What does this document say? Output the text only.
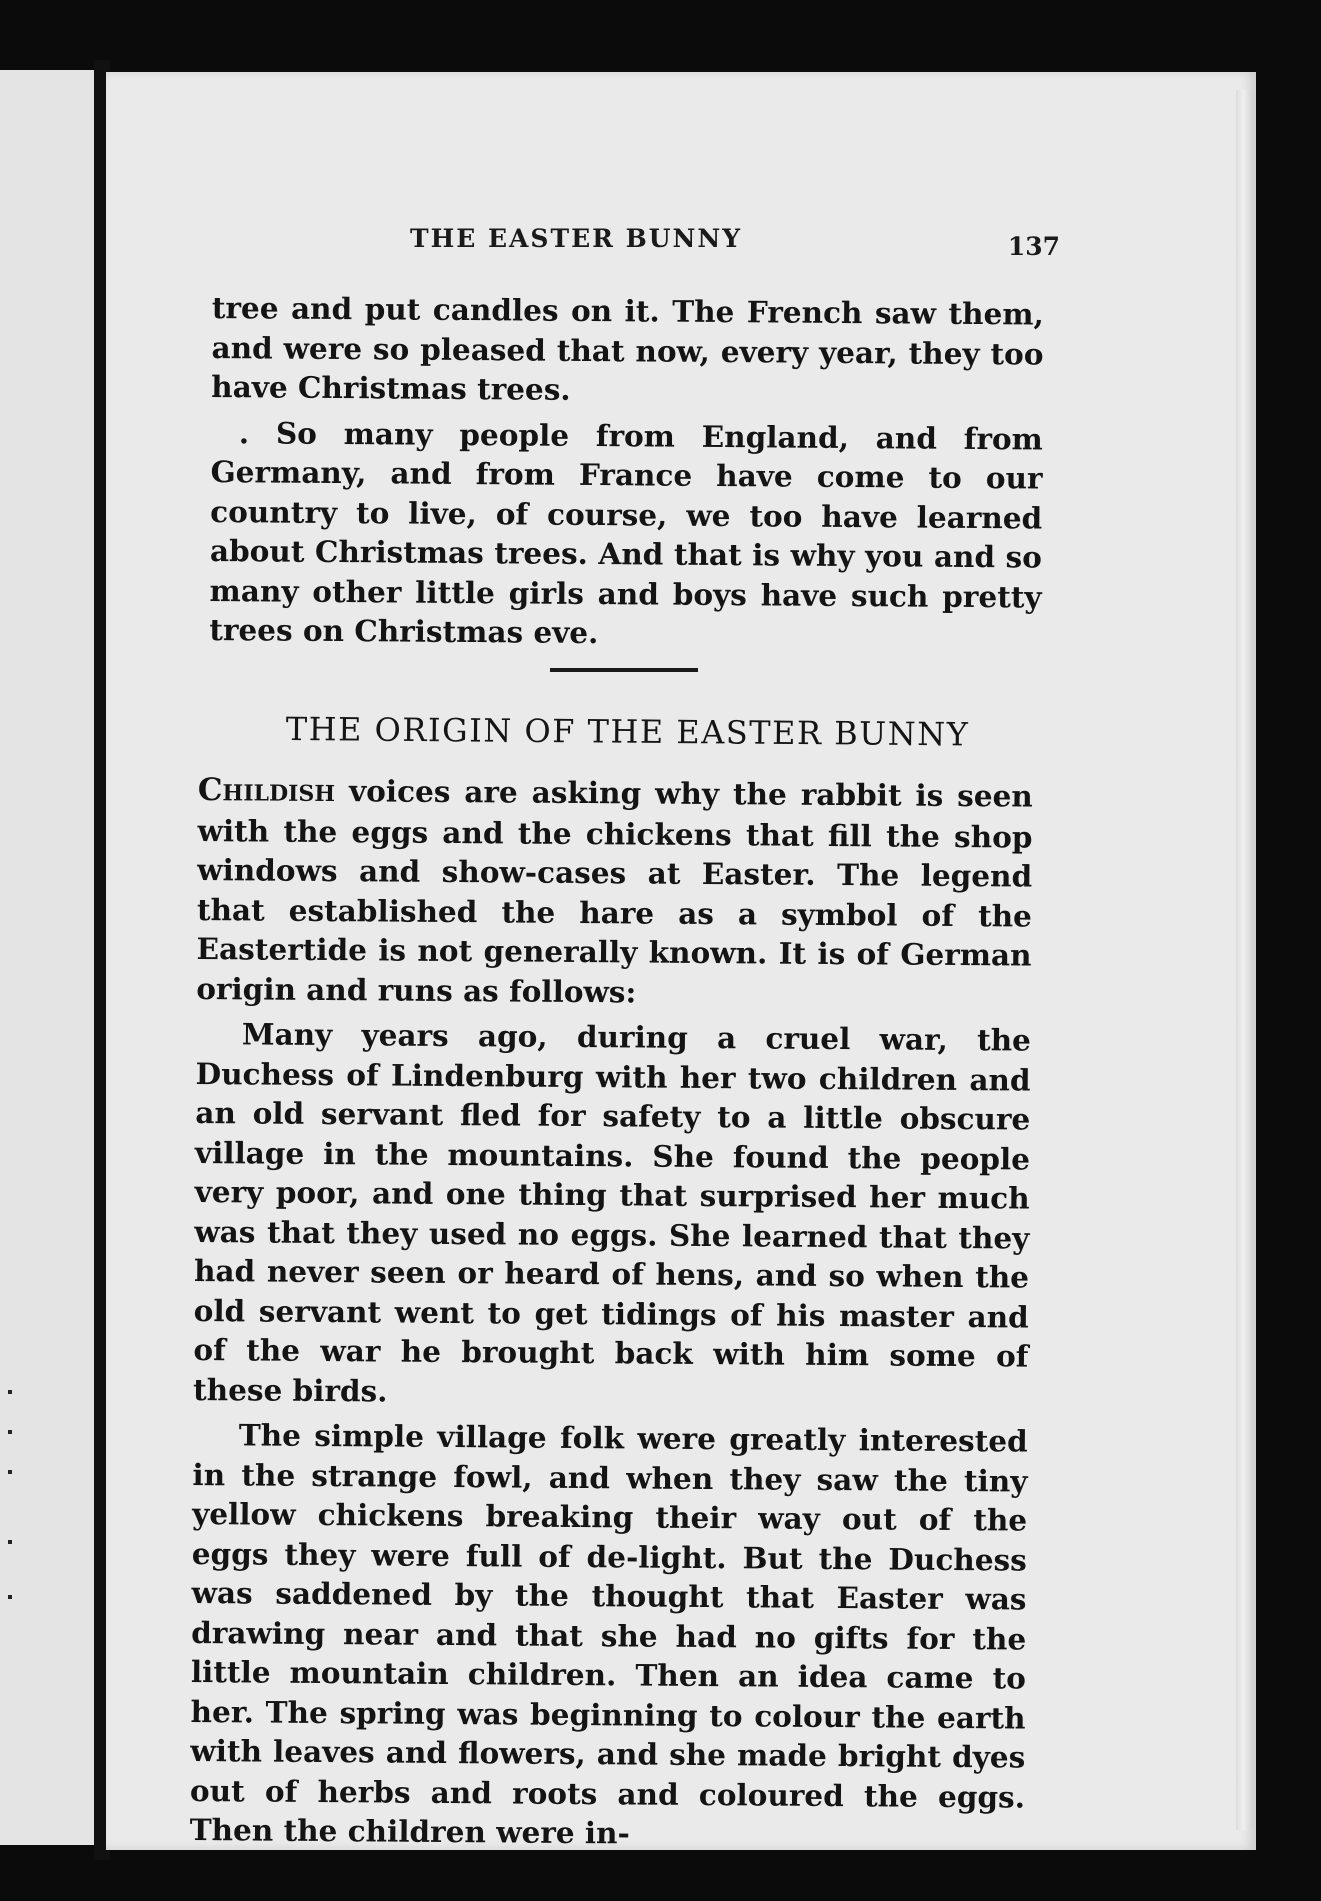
THE EASTER BUNNY	137

tree and put candles on it. The French saw them, and were so pleased that now, every year, they too have Christmas trees.

. So many people from England, and from Germany, and from France have come to our country to live, of course, we too have learned about Christmas trees. And that is why you and so many other little girls and boys have such pretty trees on Christmas eve.

THE ORIGIN OF THE EASTER BUNNY

Childish voices are asking why the rabbit is seen with the eggs and the chickens that fill the shop windows and show-cases at Easter. The legend that established the hare as a symbol of the Eastertide is not generally known. It is of German origin and runs as follows:

Many years ago, during a cruel war, the Duchess of Lindenburg with her two children and an old servant fled for safety to a little obscure village in the mountains. She found the people very poor, and one thing that surprised her much was that they used no eggs. She learned that they had never seen or heard of hens, and so when the old servant went to get tidings of his master and of the war he brought back with him some of these birds.

The simple village folk were greatly interested in the strange fowl, and when they saw the tiny yellow chickens breaking their way out of the eggs they were full of de-light. But the Duchess was saddened by the thought that Easter was drawing near and that she had no gifts for the little mountain children. Then an idea came to her. The spring was beginning to colour the earth with leaves and flowers, and she made bright dyes out of herbs and roots and coloured the eggs. Then the children were in-
